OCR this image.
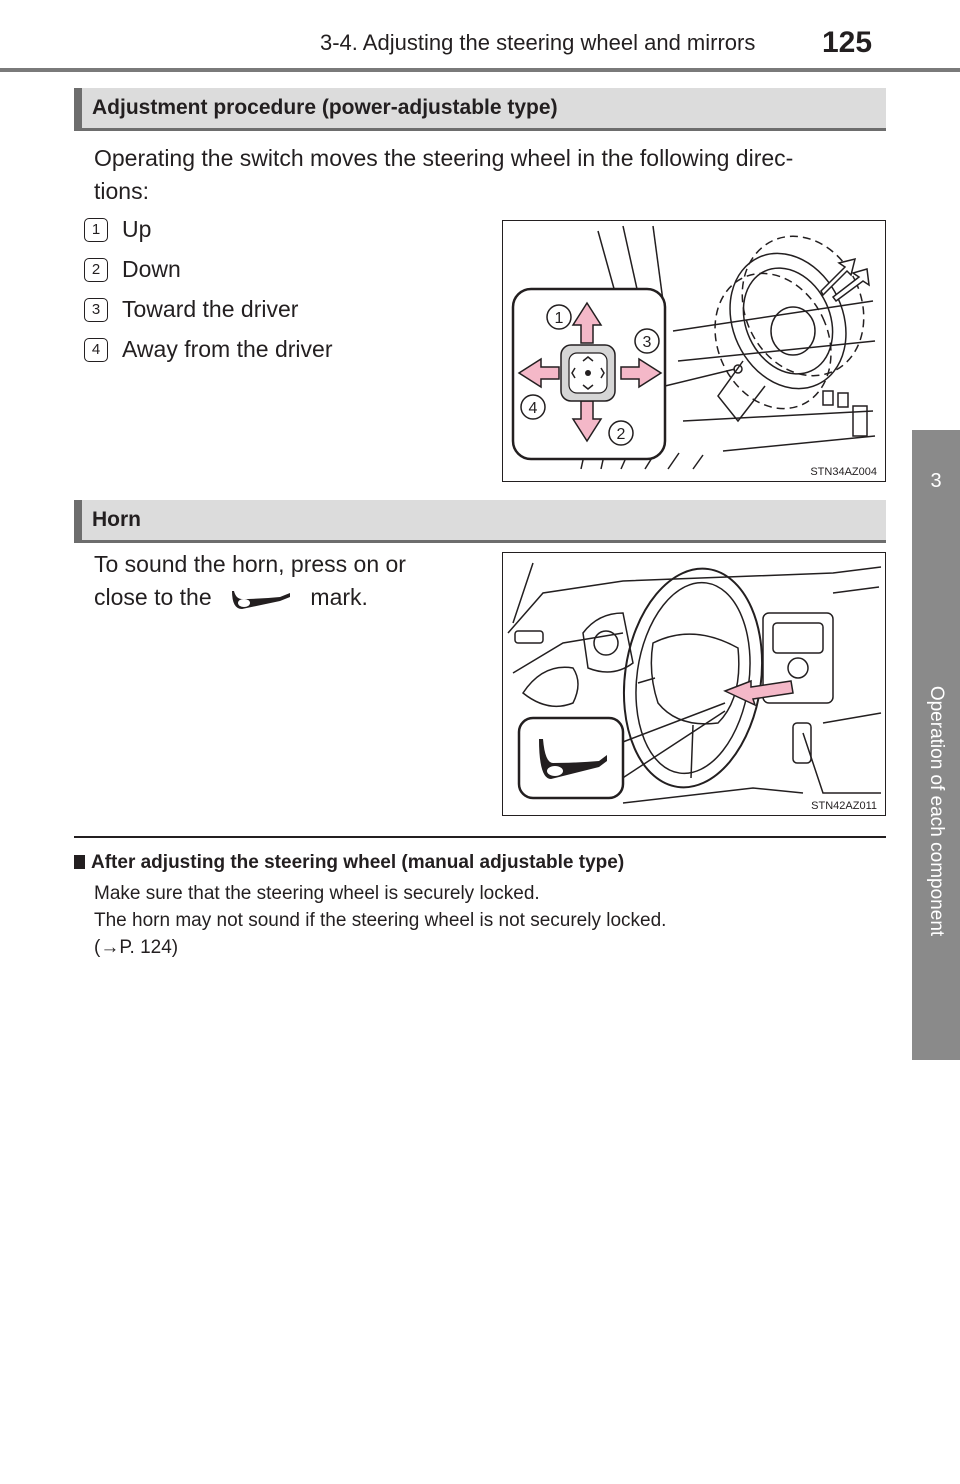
3-4. Adjusting the steering wheel and mirrors 125
3
Operation of each component
Adjustment procedure (power-adjustable type)
Operating the switch moves the steering wheel in the following direc-
tions:
1 Up
2 Down
3 Toward the driver
4 Away from the driver
1
3
4
2
STN34AZ004
Horn
To sound the horn, press on or
close to the	mark.
STN42AZ011
After adjusting the steering wheel (manual adjustable type)
Make sure that the steering wheel is securely locked.
The horn may not sound if the steering wheel is not securely locked.
(→P. 124)
